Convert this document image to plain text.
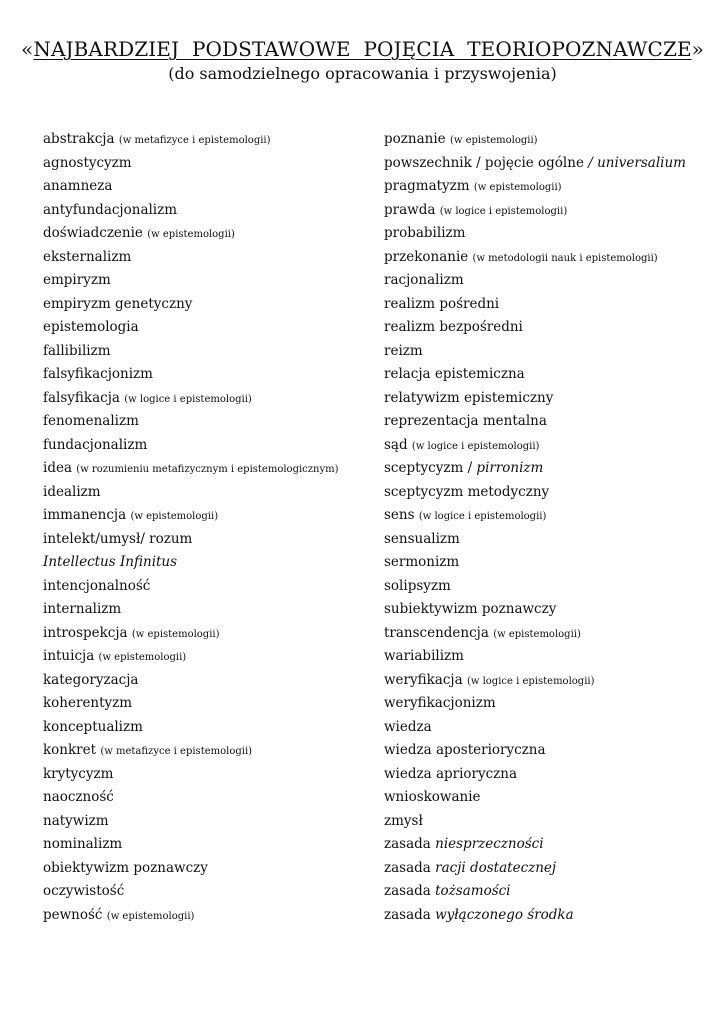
«NAJBARDZIEJ  PODSTAWOWE  POJĘCIA  TEORIOPOZNAWCZE»
(do samodzielnego opracowania i przyswojenia)
abstrakcja (w metafizyce i epistemologii)
agnostycyzm
anamneza
antyfundacjonalizm
doświadczenie (w epistemologii)
eksternalizm
empiryzm
empiryzm genetyczny
epistemologia
fallibilizm
falsyfikacjonizm
falsyfikacja (w logice i epistemologii)
fenomenalizm
fundacjonalizm
idea (w rozumieniu metafizycznym i epistemologicznym)
idealizm
immanencja (w epistemologii)
intelekt/umysł/ rozum
Intellectus Infinitus
intencjonalność
internalizm
introspekcja (w epistemologii)
intuicja (w epistemologii)
kategoryzacja
koherentyzm
konceptualizm
konkret (w metafizyce i epistemologii)
krytycyzm
naoczność
natywizm
nominalizm
obiektywizm poznawczy
oczywistość
pewność (w epistemologii)
poznanie (w epistemologii)
powszechnik / pojęcie ogólne / universalium
pragmatyzm (w epistemologii)
prawda (w logice i epistemologii)
probabilizm
przekonanie (w metodologii nauk i epistemologii)
racjonalizm
realizm pośredni
realizm bezpośredni
reizm
relacja epistemiczna
relatywizm epistemiczny
reprezentacja mentalna
sąd (w logice i epistemologii)
sceptycyzm / pirronizm
sceptycyzm metodyczny
sens (w logice i epistemologii)
sensualizm
sermonizm
solipsyzm
subiektywizm poznawczy
transcendencja (w epistemologii)
wariabilizm
weryfikacja (w logice i epistemologii)
weryfikacjonizm
wiedza
wiedza aposterioryczna
wiedza aprioryczna
wnioskowanie
zmysł
zasada niesprzeczności
zasada racji dostatecznej
zasada tożsamości
zasada wyłączonego środka
